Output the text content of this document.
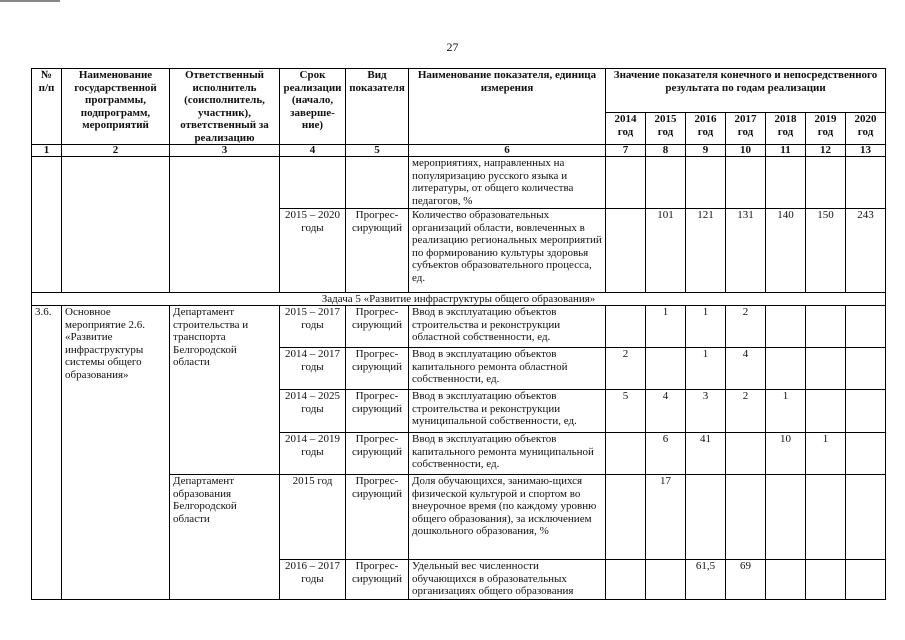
27
№ п/п	Наименование государственной программы, подпрограмм, мероприятий	Ответственный исполнитель (соисполнитель, участник), ответственный за реализацию	Срок реализации (начало, заверше-ние)	Вид показателя	Наименование показателя, единица измерения	Значение показателя конечного и непосредственного результата по годам реализации						
						2014 год	2015 год	2016 год	2017 год	2018 год	2019 год	2020 год
1	2	3	4	5	6	7	8	9	10	11	12	13
					мероприятиях, направленных на популяризацию русского языка и литературы, от общего количества педагогов, %							
			2015 – 2020 годы	Прогрес-сирующий	Количество образовательных организаций области, вовлеченных в реализацию региональных мероприятий по формированию культуры здоровья субъектов образовательного процесса, ед.		101	121	131	140	150	243
Задача 5 «Развитие инфраструктуры общего образования»												
3.6.	Основное мероприятие 2.6. «Развитие инфраструктуры системы общего образования»	Департамент строительства и транспорта Белгородской области	2015 – 2017 годы	Прогрес-сирующий	Ввод в эксплуатацию объектов строительства и реконструкции областной собственности, ед.		1	1	2			
			2014 – 2017 годы	Прогрес-сирующий	Ввод в эксплуатацию объектов капитального ремонта областной собственности, ед.	2		1	4			
			2014 – 2025 годы	Прогрес-сирующий	Ввод в эксплуатацию объектов строительства и реконструкции муниципальной собственности, ед.	5	4	3	2	1		
			2014 – 2019 годы	Прогрес-сирующий	Ввод в эксплуатацию объектов капитального ремонта муниципальной собственности, ед.		6	41		10	1	
		Департамент образования Белгородской области	2015 год	Прогрес-сирующий	Доля обучающихся, занимаю-щихся физической культурой и спортом во внеурочное время (по каждому уровню общего образования), за исключением дошкольного образования, %		17					
			2016 – 2017 годы	Прогрес-сирующий	Удельный вес численности обучающихся в образовательных организациях общего образования			61,5	69			
